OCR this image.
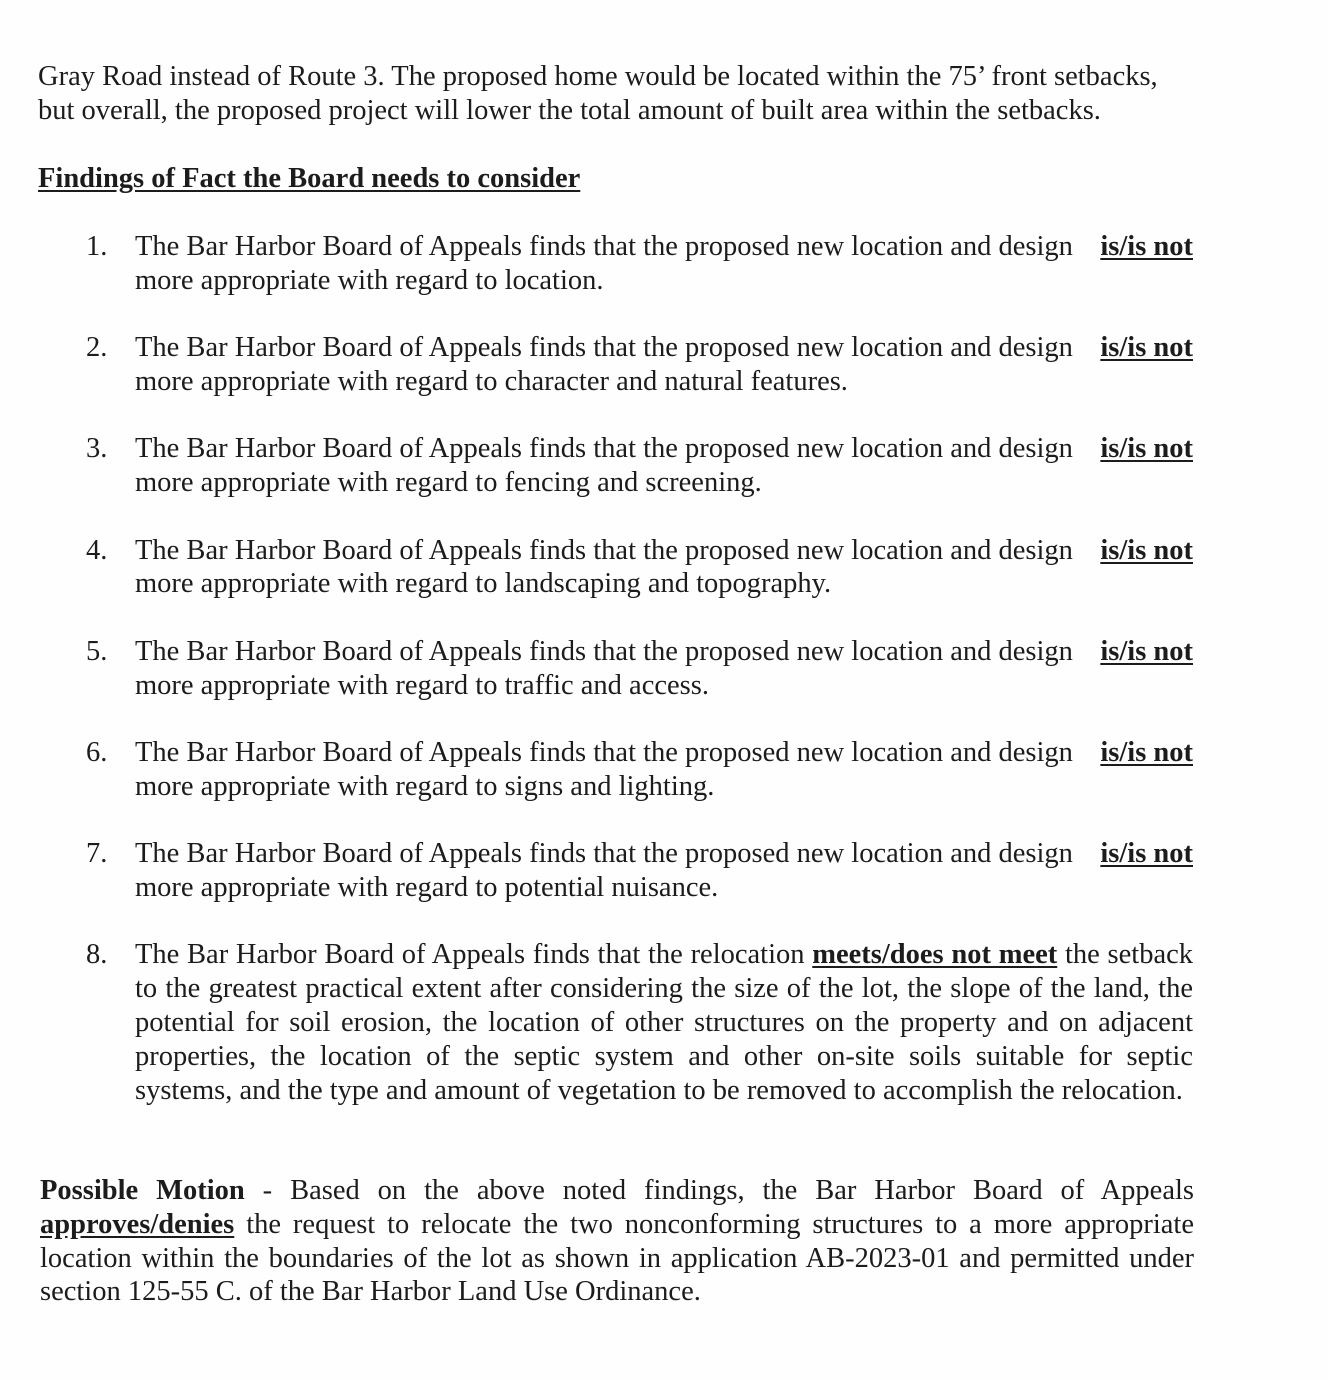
Gray Road instead of Route 3. The proposed home would be located within the 75’ front setbacks, but overall, the proposed project will lower the total amount of built area within the setbacks.

Findings of Fact the Board needs to consider

1. The Bar Harbor Board of Appeals finds that the proposed new location and design is/is not
more appropriate with regard to location.
2. The Bar Harbor Board of Appeals finds that the proposed new location and design is/is not
more appropriate with regard to character and natural features.
3. The Bar Harbor Board of Appeals finds that the proposed new location and design is/is not
more appropriate with regard to fencing and screening.
4. The Bar Harbor Board of Appeals finds that the proposed new location and design is/is not
more appropriate with regard to landscaping and topography.
5. The Bar Harbor Board of Appeals finds that the proposed new location and design is/is not
more appropriate with regard to traffic and access.
6. The Bar Harbor Board of Appeals finds that the proposed new location and design is/is not
more appropriate with regard to signs and lighting.
7. The Bar Harbor Board of Appeals finds that the proposed new location and design is/is not
more appropriate with regard to potential nuisance.
8. The Bar Harbor Board of Appeals finds that the relocation meets/does not meet the setback to the greatest practical extent after considering the size of the lot, the slope of the land, the potential for soil erosion, the location of other structures on the property and on adjacent properties, the location of the septic system and other on-site soils suitable for septic systems, and the type and amount of vegetation to be removed to accomplish the relocation.

Possible Motion - Based on the above noted findings, the Bar Harbor Board of Appeals approves/denies the request to relocate the two nonconforming structures to a more appropriate location within the boundaries of the lot as shown in application AB-2023-01 and permitted under section 125-55 C. of the Bar Harbor Land Use Ordinance.
